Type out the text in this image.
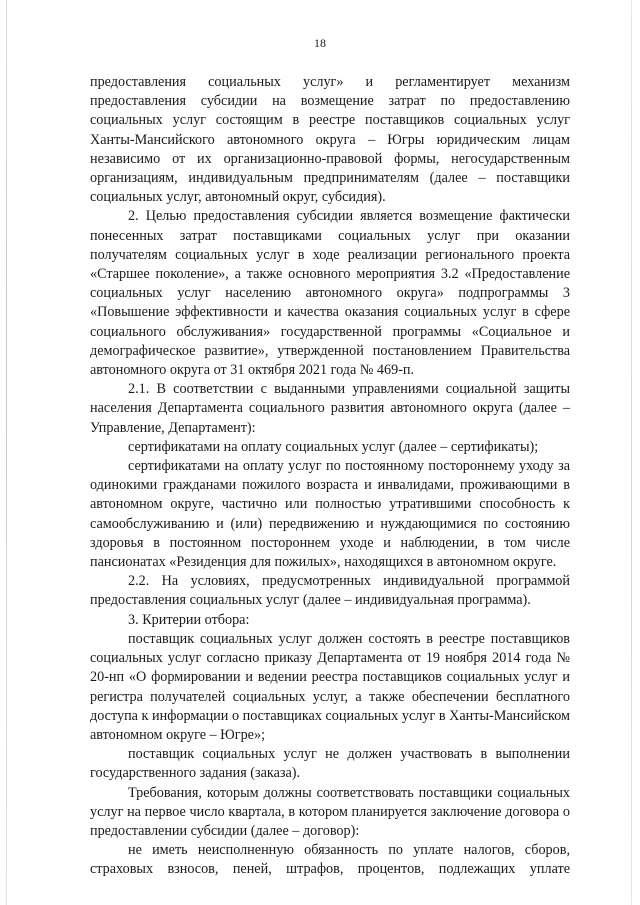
18

предоставления социальных услуг» и регламентирует механизм предоставления субсидии на возмещение затрат по предоставлению социальных услуг состоящим в реестре поставщиков социальных услуг Ханты-Мансийского автономного округа – Югры юридическим лицам независимо от их организационно-правовой формы, негосударственным организациям, индивидуальным предпринимателям (далее – поставщики социальных услуг, автономный округ, субсидия).

2. Целью предоставления субсидии является возмещение фактически понесенных затрат поставщиками социальных услуг при оказании получателям социальных услуг в ходе реализации регионального проекта «Старшее поколение», а также основного мероприятия 3.2 «Предоставление социальных услуг населению автономного округа» подпрограммы 3 «Повышение эффективности и качества оказания социальных услуг в сфере социального обслуживания» государственной программы «Социальное и демографическое развитие», утвержденной постановлением Правительства автономного округа от 31 октября 2021 года № 469-п.

2.1. В соответствии с выданными управлениями социальной защиты населения Департамента социального развития автономного округа (далее – Управление, Департамент):

сертификатами на оплату социальных услуг (далее – сертификаты);

сертификатами на оплату услуг по постоянному постороннему уходу за одинокими гражданами пожилого возраста и инвалидами, проживающими в автономном округе, частично или полностью утратившими способность к самообслуживанию и (или) передвижению и нуждающимися по состоянию здоровья в постоянном постороннем уходе и наблюдении, в том числе пансионатах «Резиденция для пожилых», находящихся в автономном округе.

2.2. На условиях, предусмотренных индивидуальной программой предоставления социальных услуг (далее – индивидуальная программа).

3. Критерии отбора:

поставщик социальных услуг должен состоять в реестре поставщиков социальных услуг согласно приказу Департамента от 19 ноября 2014 года № 20-нп «О формировании и ведении реестра поставщиков социальных услуг и регистра получателей социальных услуг, а также обеспечении бесплатного доступа к информации о поставщиках социальных услуг в Ханты-Мансийском автономном округе – Югре»;

поставщик социальных услуг не должен участвовать в выполнении государственного задания (заказа).

Требования, которым должны соответствовать поставщики социальных услуг на первое число квартала, в котором планируется заключение договора о предоставлении субсидии (далее – договор):

не иметь неисполненную обязанность по уплате налогов, сборов, страховых взносов, пеней, штрафов, процентов, подлежащих уплате
